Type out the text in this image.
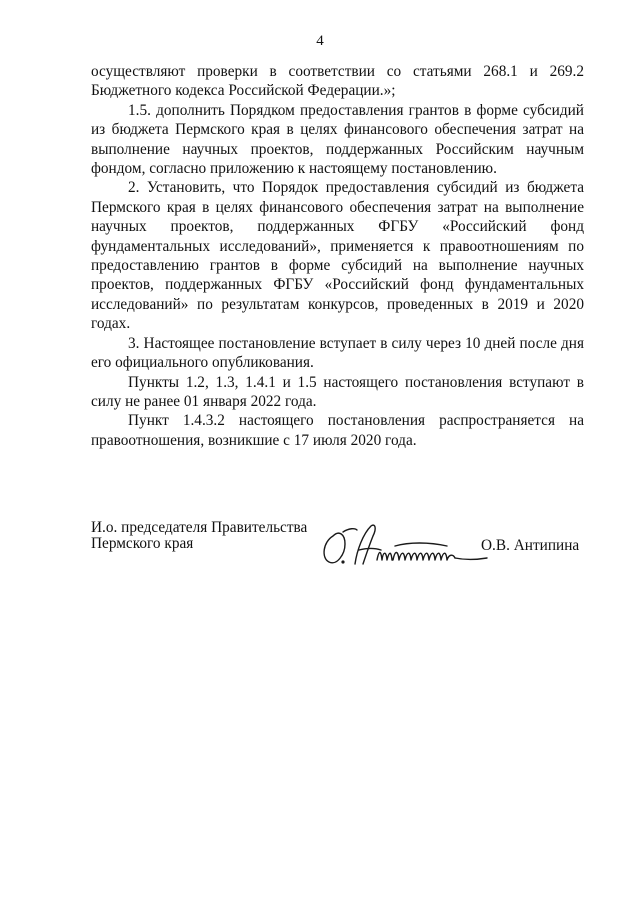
4

осуществляют проверки в соответствии со статьями 268.1 и 269.2 Бюджетного кодекса Российской Федерации.»;

1.5. дополнить Порядком предоставления грантов в форме субсидий из бюджета Пермского края в целях финансового обеспечения затрат на выполнение научных проектов, поддержанных Российским научным фондом, согласно приложению к настоящему постановлению.

2. Установить, что Порядок предоставления субсидий из бюджета Пермского края в целях финансового обеспечения затрат на выполнение научных проектов, поддержанных ФГБУ «Российский фонд фундаментальных исследований», применяется к правоотношениям по предоставлению грантов в форме субсидий на выполнение научных проектов, поддержанных ФГБУ «Российский фонд фундаментальных исследований» по результатам конкурсов, проведенных в 2019 и 2020 годах.

3. Настоящее постановление вступает в силу через 10 дней после дня его официального опубликования.

Пункты 1.2, 1.3, 1.4.1 и 1.5 настоящего постановления вступают в силу не ранее 01 января 2022 года.

Пункт 1.4.3.2 настоящего постановления распространяется на правоотношения, возникшие с 17 июля 2020 года.

И.о. председателя Правительства
Пермского края	О.В. Антипина
